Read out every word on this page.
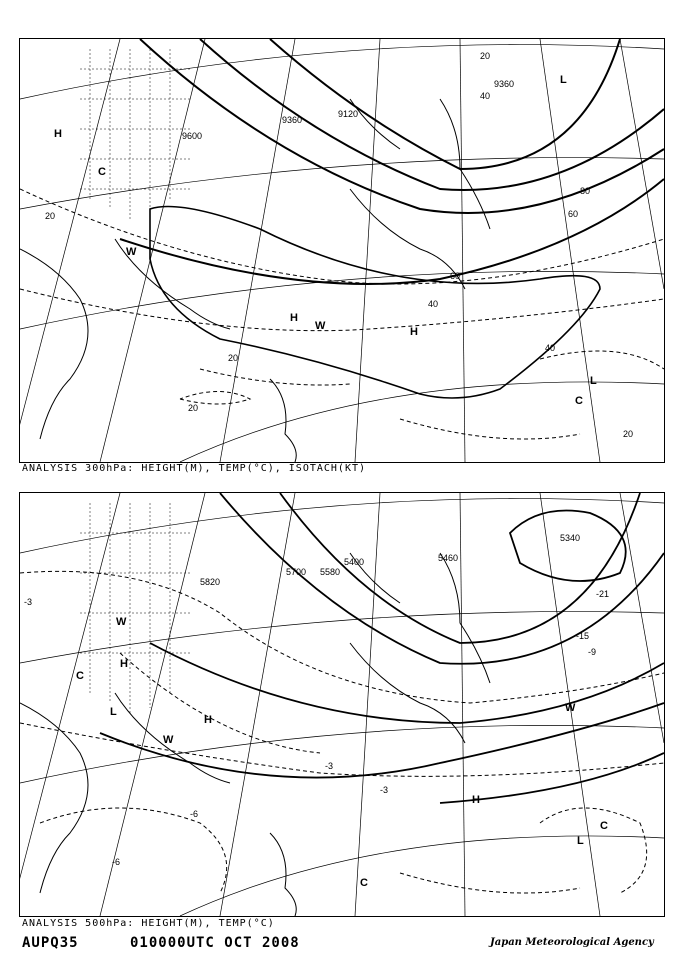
9600
9360
9120
9360
20
40
60
80
20
40
60
20
40
20
20
H
H
H
L
L
C
C
W
W
ANALYSIS 300hPa: HEIGHT(M), TEMP(°C), ISOTACH(KT)
5820
5700 5580
5460
5400
5340
-3
-3
-6
-3
-6
-21
-15
-9
H
H
H
L
L
C
C
C
W
W
W
ANALYSIS 500hPa: HEIGHT(M), TEMP(°C)
AUPQ35	010000UTC OCT 2008	Japan Meteorological Agency
